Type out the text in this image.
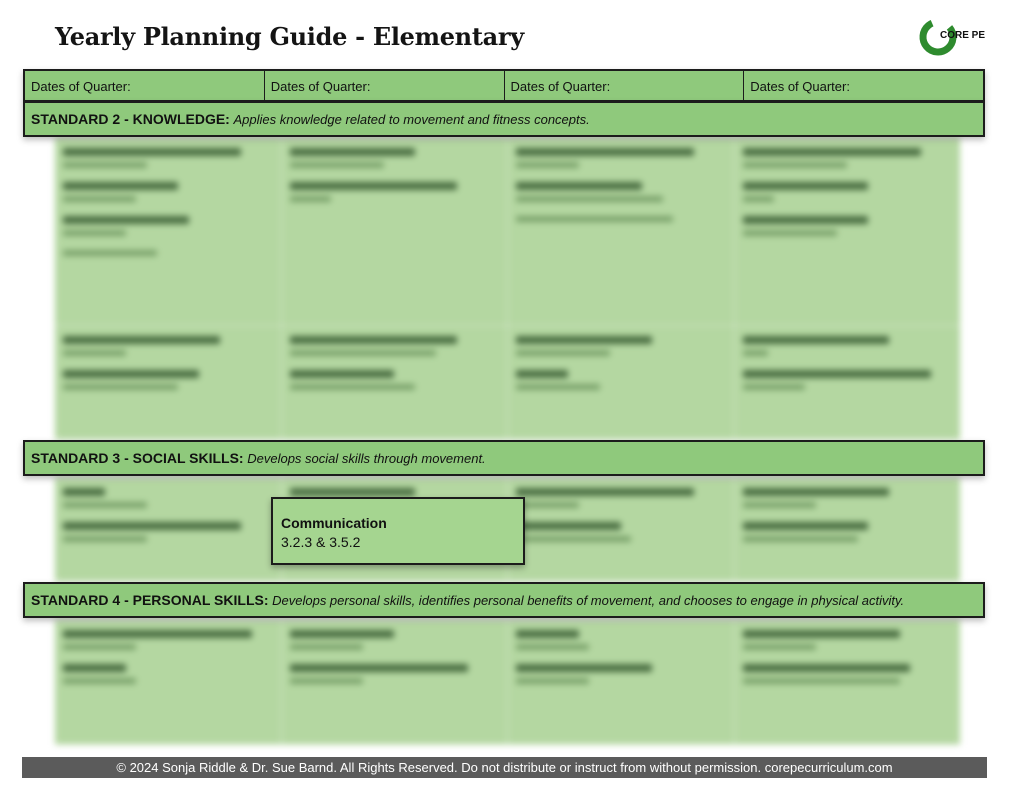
Yearly Planning Guide - Elementary	CORE PE
Dates of Quarter:	Dates of Quarter:	Dates of Quarter:	Dates of Quarter:
STANDARD 2 - KNOWLEDGE: Applies knowledge related to movement and fitness concepts.
STANDARD 3 - SOCIAL SKILLS: Develops social skills through movement.
STANDARD 4 - PERSONAL SKILLS: Develops personal skills, identifies personal benefits of movement, and chooses to engage in physical activity.
Communication
3.2.3 & 3.5.2
© 2024 Sonja Riddle & Dr. Sue Barnd. All Rights Reserved. Do not distribute or instruct from without permission. corepecurriculum.com
